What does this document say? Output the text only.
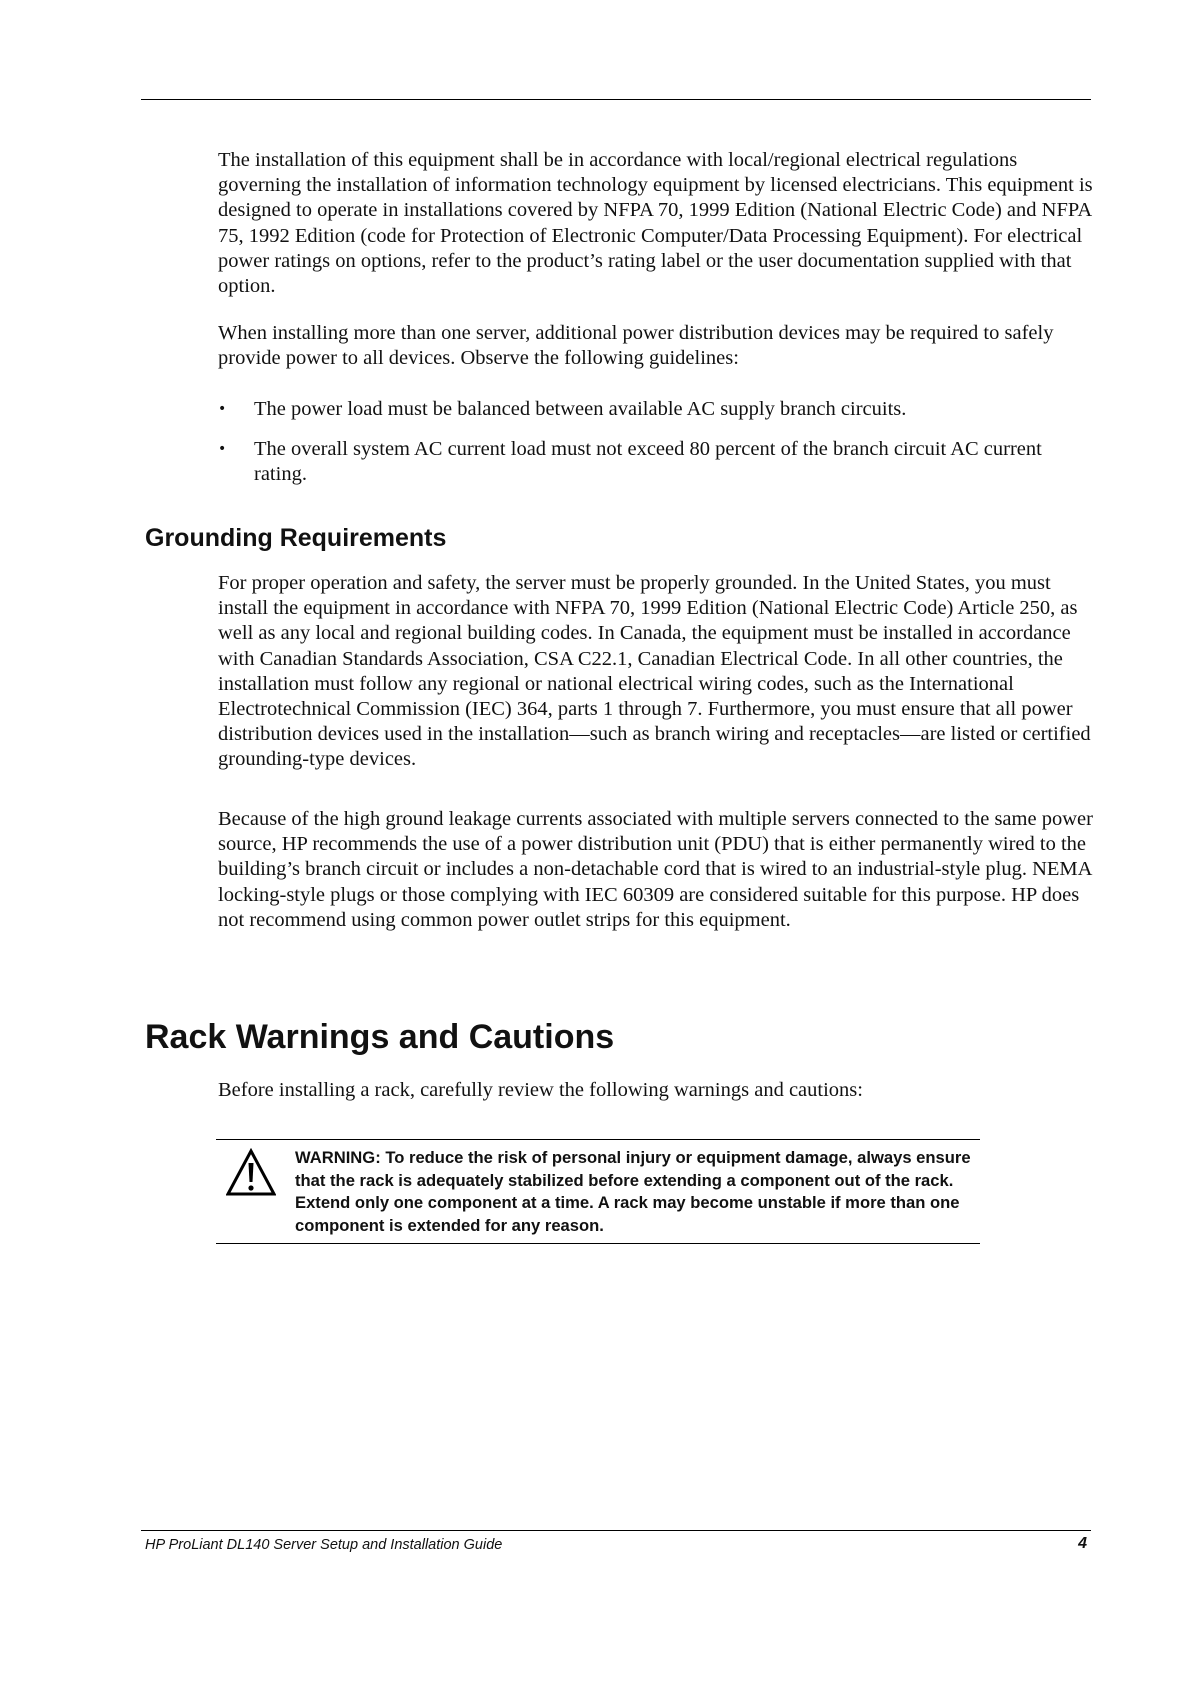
The installation of this equipment shall be in accordance with local/regional electrical regulations governing the installation of information technology equipment by licensed electricians. This equipment is designed to operate in installations covered by NFPA 70, 1999 Edition (National Electric Code) and NFPA 75, 1992 Edition (code for Protection of Electronic Computer/Data Processing Equipment). For electrical power ratings on options, refer to the product’s rating label or the user documentation supplied with that option.

When installing more than one server, additional power distribution devices may be required to safely provide power to all devices. Observe the following guidelines:

•	The power load must be balanced between available AC supply branch circuits.
•	The overall system AC current load must not exceed 80 percent of the branch circuit AC current rating.
Grounding Requirements

For proper operation and safety, the server must be properly grounded. In the United States, you must install the equipment in accordance with NFPA 70, 1999 Edition (National Electric Code) Article 250, as well as any local and regional building codes. In Canada, the equipment must be installed in accordance with Canadian Standards Association, CSA C22.1, Canadian Electrical Code. In all other countries, the installation must follow any regional or national electrical wiring codes, such as the International Electrotechnical Commission (IEC) 364, parts 1 through 7. Furthermore, you must ensure that all power distribution devices used in the installation—such as branch wiring and receptacles—are listed or certified grounding-type devices.

Because of the high ground leakage currents associated with multiple servers connected to the same power source, HP recommends the use of a power distribution unit (PDU) that is either permanently wired to the building’s branch circuit or includes a non-detachable cord that is wired to an industrial-style plug. NEMA locking-style plugs or those complying with IEC 60309 are considered suitable for this purpose. HP does not recommend using common power outlet strips for this equipment.

Rack Warnings and Cautions

Before installing a rack, carefully review the following warnings and cautions:

WARNING: To reduce the risk of personal injury or equipment damage, always ensure that the rack is adequately stabilized before extending a component out of the rack. Extend only one component at a time. A rack may become unstable if more than one component is extended for any reason.

HP ProLiant DL140 Server Setup and Installation Guide	4
